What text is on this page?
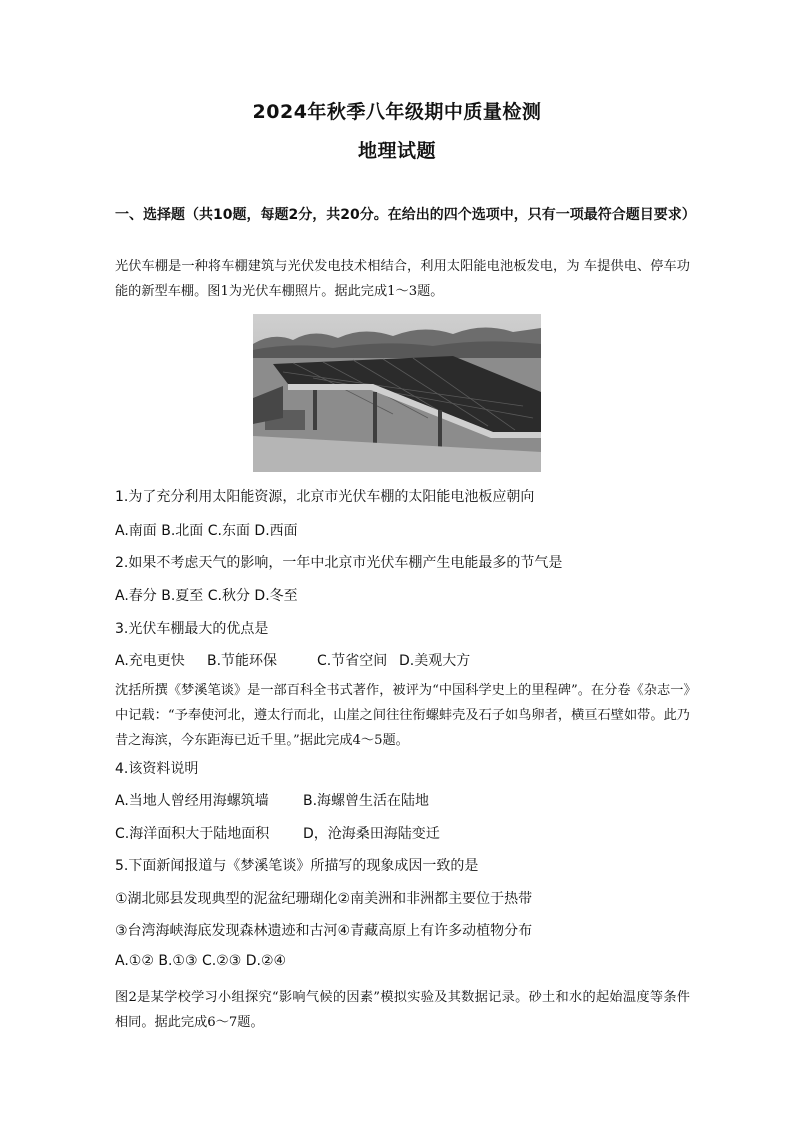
2024年秋季八年级期中质量检测
地理试题
一、选择题（共10题，每题2分，共20分。在给出的四个选项中，只有一项最符合题目要求）
光伏车棚是一种将车棚建筑与光伏发电技术相结合，利用太阳能电池板发电，为 车提供电、停车功能的新型车棚。图1为光伏车棚照片。据此完成1～3题。
1.为了充分利用太阳能资源，北京市光伏车棚的太阳能电池板应朝向
A.南面 B.北面 C.东面 D.西面
2.如果不考虑天气的影响，一年中北京市光伏车棚产生电能最多的节气是
A.春分 B.夏至 C.秋分 D.冬至
3.光伏车棚最大的优点是
A.充电更快 B.节能环保	C.节省空间 D.美观大方
沈括所撰《梦溪笔谈》是一部百科全书式著作，被评为“中国科学史上的里程碑”。在分卷《杂志一》中记载：“予奉使河北，遵太行而北，山崖之间往往衔螺蚌壳及石子如鸟卵者，横亘石壁如带。此乃昔之海滨，今东距海已近千里。”据此完成4～5题。
4.该资料说明
A.当地人曾经用海螺筑墙 B.海螺曾生活在陆地
C.海洋面积大于陆地面积 D，沧海桑田海陆变迁
5.下面新闻报道与《梦溪笔谈》所描写的现象成因一致的是
①湖北郧县发现典型的泥盆纪珊瑚化②南美洲和非洲都主要位于热带
③台湾海峡海底发现森林遗迹和古河④青藏高原上有许多动植物分布
A.①② B.①③ C.②③ D.②④
图2是某学校学习小组探究“影响气候的因素”模拟实验及其数据记录。砂土和水的起始温度等条件相同。据此完成6～7题。
